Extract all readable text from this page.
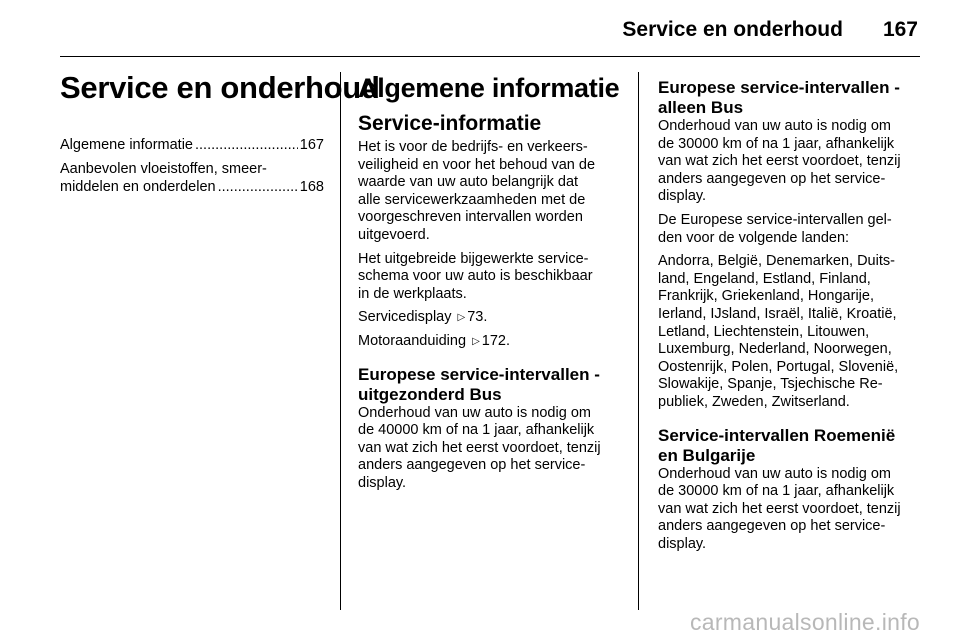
Service en onderhoud 167
Service en onderhoud
Algemene informatie .....	167
Aanbevolen vloeistoffen, smeer-
middelen en onderdelen .....	168
Algemene informatie
Service-informatie
Het is voor de bedrijfs- en verkeers-
veiligheid en voor het behoud van de
waarde van uw auto belangrijk dat
alle servicewerkzaamheden met de
voorgeschreven intervallen worden
uitgevoerd.
Het uitgebreide bijgewerkte service-
schema voor uw auto is beschikbaar
in de werkplaats.
Servicedisplay ▷ 73.
Motoraanduiding ▷ 172.
Europese service-intervallen -
uitgezonderd Bus
Onderhoud van uw auto is nodig om
de 40000 km of na 1 jaar, afhankelijk
van wat zich het eerst voordoet, tenzij
anders aangegeven op het service-
display.
Europese service-intervallen -
alleen Bus
Onderhoud van uw auto is nodig om
de 30000 km of na 1 jaar, afhankelijk
van wat zich het eerst voordoet, tenzij
anders aangegeven op het service-
display.
De Europese service-intervallen gel-
den voor de volgende landen:
Andorra, België, Denemarken, Duits-
land, Engeland, Estland, Finland,
Frankrijk, Griekenland, Hongarije,
Ierland, IJsland, Israël, Italië, Kroatië,
Letland, Liechtenstein, Litouwen,
Luxemburg, Nederland, Noorwegen,
Oostenrijk, Polen, Portugal, Slovenië,
Slowakije, Spanje, Tsjechische Re-
publiek, Zweden, Zwitserland.
Service-intervallen Roemenië
en Bulgarije
Onderhoud van uw auto is nodig om
de 30000 km of na 1 jaar, afhankelijk
van wat zich het eerst voordoet, tenzij
anders aangegeven op het service-
display.
carmanualsonline.info
